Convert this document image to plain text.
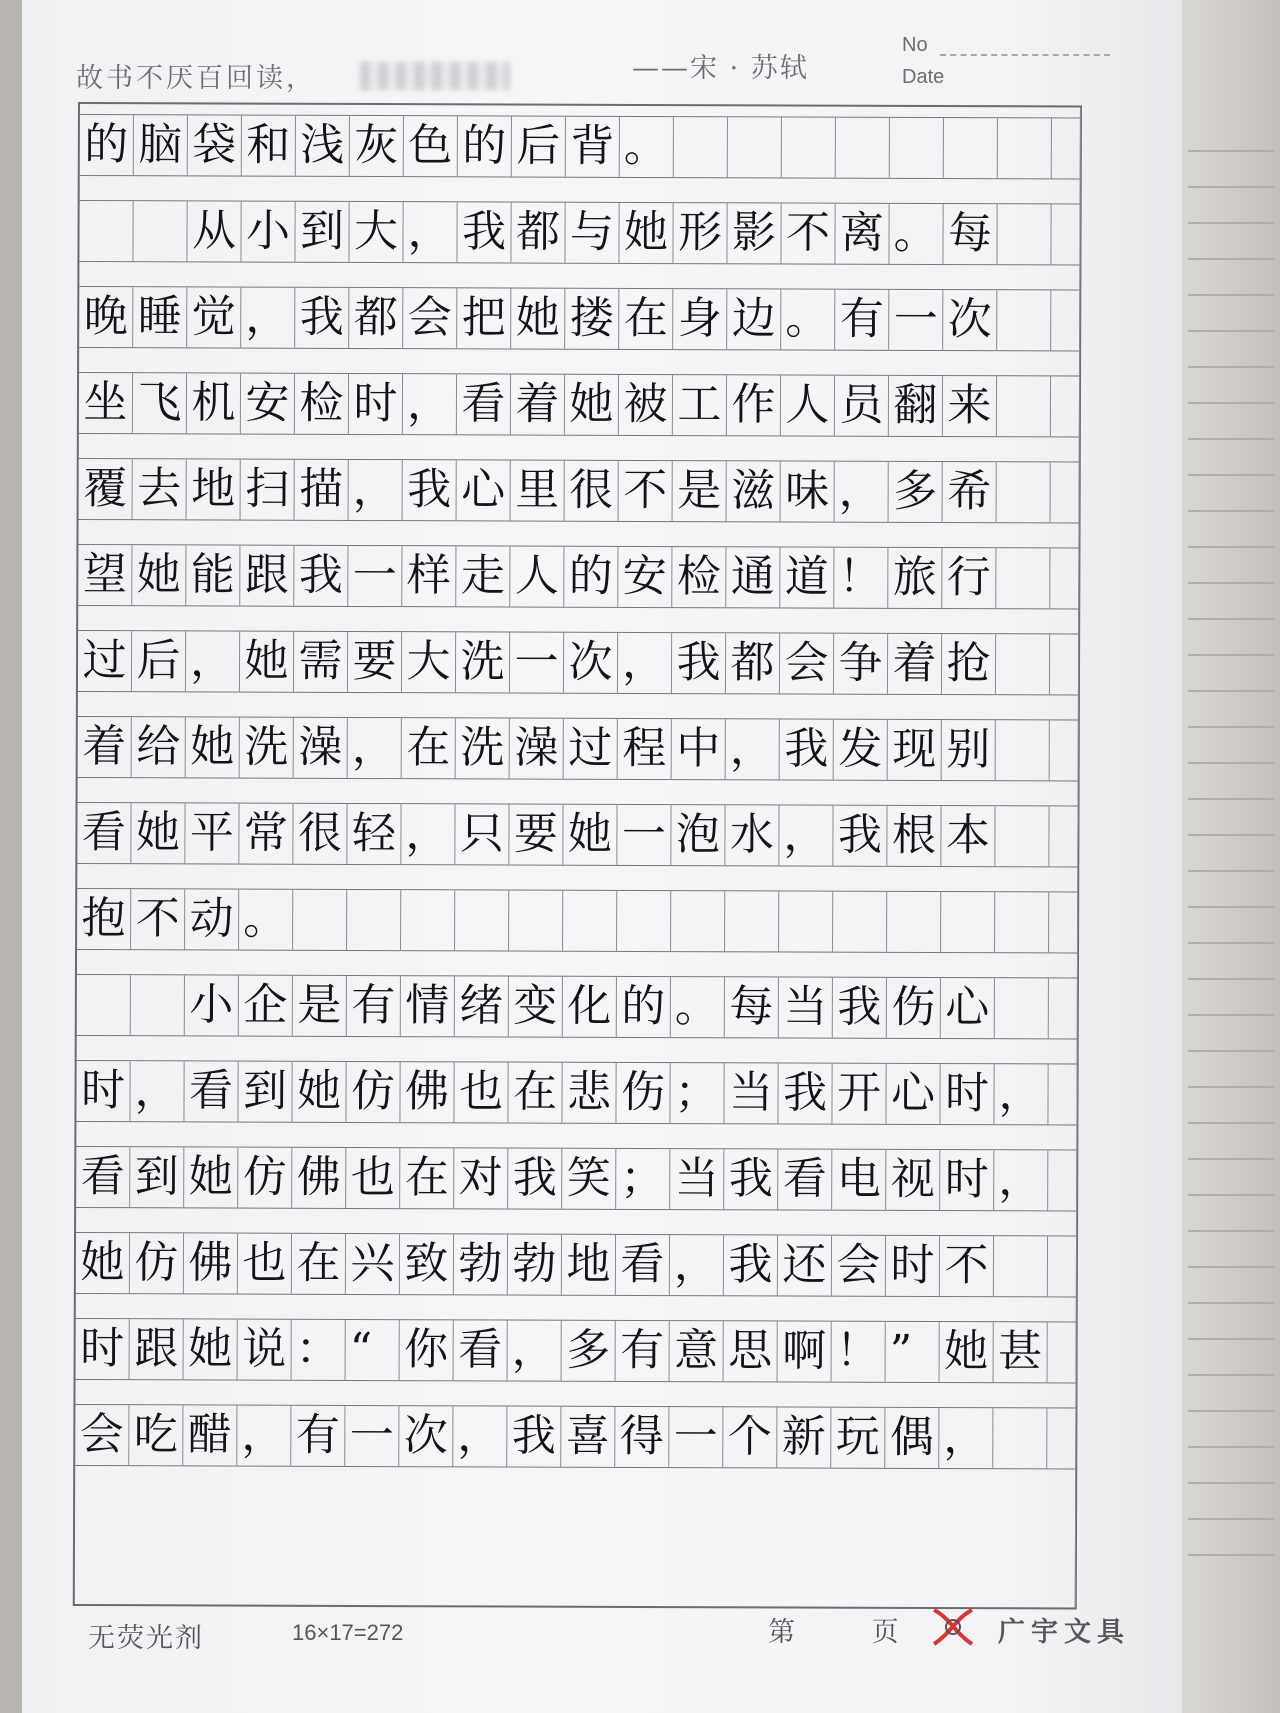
故书不厌百回读，	——宋 · 苏轼
No
Date
的 脑 袋 和 浅 灰 色 的 后 背 。
从 小 到 大 ， 我 都 与 她 形 影 不 离 。 每
晚 睡 觉 ， 我 都 会 把 她 搂 在 身 边 。 有 一 次
坐 飞 机 安 检 时 ， 看 着 她 被 工 作 人 员 翻 来
覆 去 地 扫 描 ， 我 心 里 很 不 是 滋 味 ， 多 希
望 她 能 跟 我 一 样 走 人 的 安 检 通 道 ！ 旅 行
过 后 ， 她 需 要 大 洗 一 次 ， 我 都 会 争 着 抢
着 给 她 洗 澡 ， 在 洗 澡 过 程 中 ， 我 发 现 别
看 她 平 常 很 轻 ， 只 要 她 一 泡 水 ， 我 根 本
抱 不 动 。
小 企 是 有 情 绪 变 化 的 。 每 当 我 伤 心
时 ， 看 到 她 仿 佛 也 在 悲 伤 ； 当 我 开 心 时 ，
看 到 她 仿 佛 也 在 对 我 笑 ； 当 我 看 电 视 时 ，
她 仿 佛 也 在 兴 致 勃 勃 地 看 ， 我 还 会 时 不
时 跟 她 说 ： “ 你 看 ， 多 有 意 思 啊 ！ ” 她 甚
会 吃 醋 ， 有 一 次 ， 我 喜 得 一 个 新 玩 偶 ，
无荧光剂	16×17=272	第 页 广宇文具
